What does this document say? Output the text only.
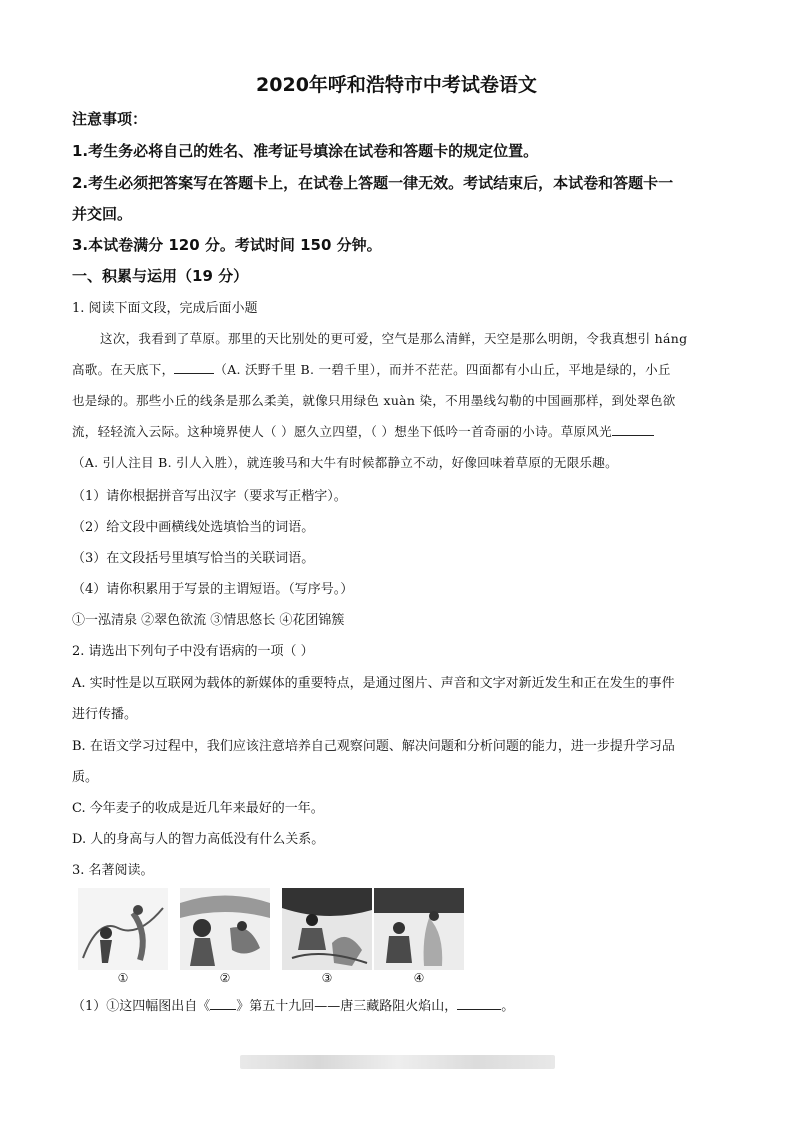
2020年呼和浩特市中考试卷语文
注意事项：
1.考生务必将自己的姓名、准考证号填涂在试卷和答题卡的规定位置。
2.考生必须把答案写在答题卡上，在试卷上答题一律无效。考试结束后，本试卷和答题卡一
并交回。
3.本试卷满分 120 分。考试时间 150 分钟。
一、积累与运用（19 分）
1. 阅读下面文段，完成后面小题
这次，我看到了草原。那里的天比别处的更可爱，空气是那么清鲜，天空是那么明朗，令我真想引 háng
高歌。在天底下，	（A. 沃野千里 B. 一碧千里），而并不茫茫。四面都有小山丘，平地是绿的，小丘
也是绿的。那些小丘的线条是那么柔美，就像只用绿色 xuàn 染，不用墨线勾勒的中国画那样，到处翠色欲
流，轻轻流入云际。这种境界使人（ ）愿久立四望，（ ）想坐下低吟一首奇丽的小诗。草原风光
（A. 引人注目 B. 引人入胜），就连骏马和大牛有时候都静立不动，好像回味着草原的无限乐趣。
（1）请你根据拼音写出汉字（要求写正楷字）。
（2）给文段中画横线处选填恰当的词语。
（3）在文段括号里填写恰当的关联词语。
（4）请你积累用于写景的主谓短语。（写序号。）
①一泓清泉 ②翠色欲流 ③情思悠长 ④花团锦簇
2. 请选出下列句子中没有语病的一项（ ）
A. 实时性是以互联网为载体的新媒体的重要特点，是通过图片、声音和文字对新近发生和正在发生的事件
进行传播。
B. 在语文学习过程中，我们应该注意培养自己观察问题、解决问题和分析问题的能力，进一步提升学习品
质。
C. 今年麦子的收成是近几年来最好的一年。
D. 人的身高与人的智力高低没有什么关系。
3. 名著阅读。
①	②	③	④
（1）①这四幅图出自《 》第五十九回——唐三藏路阻火焰山，	。
